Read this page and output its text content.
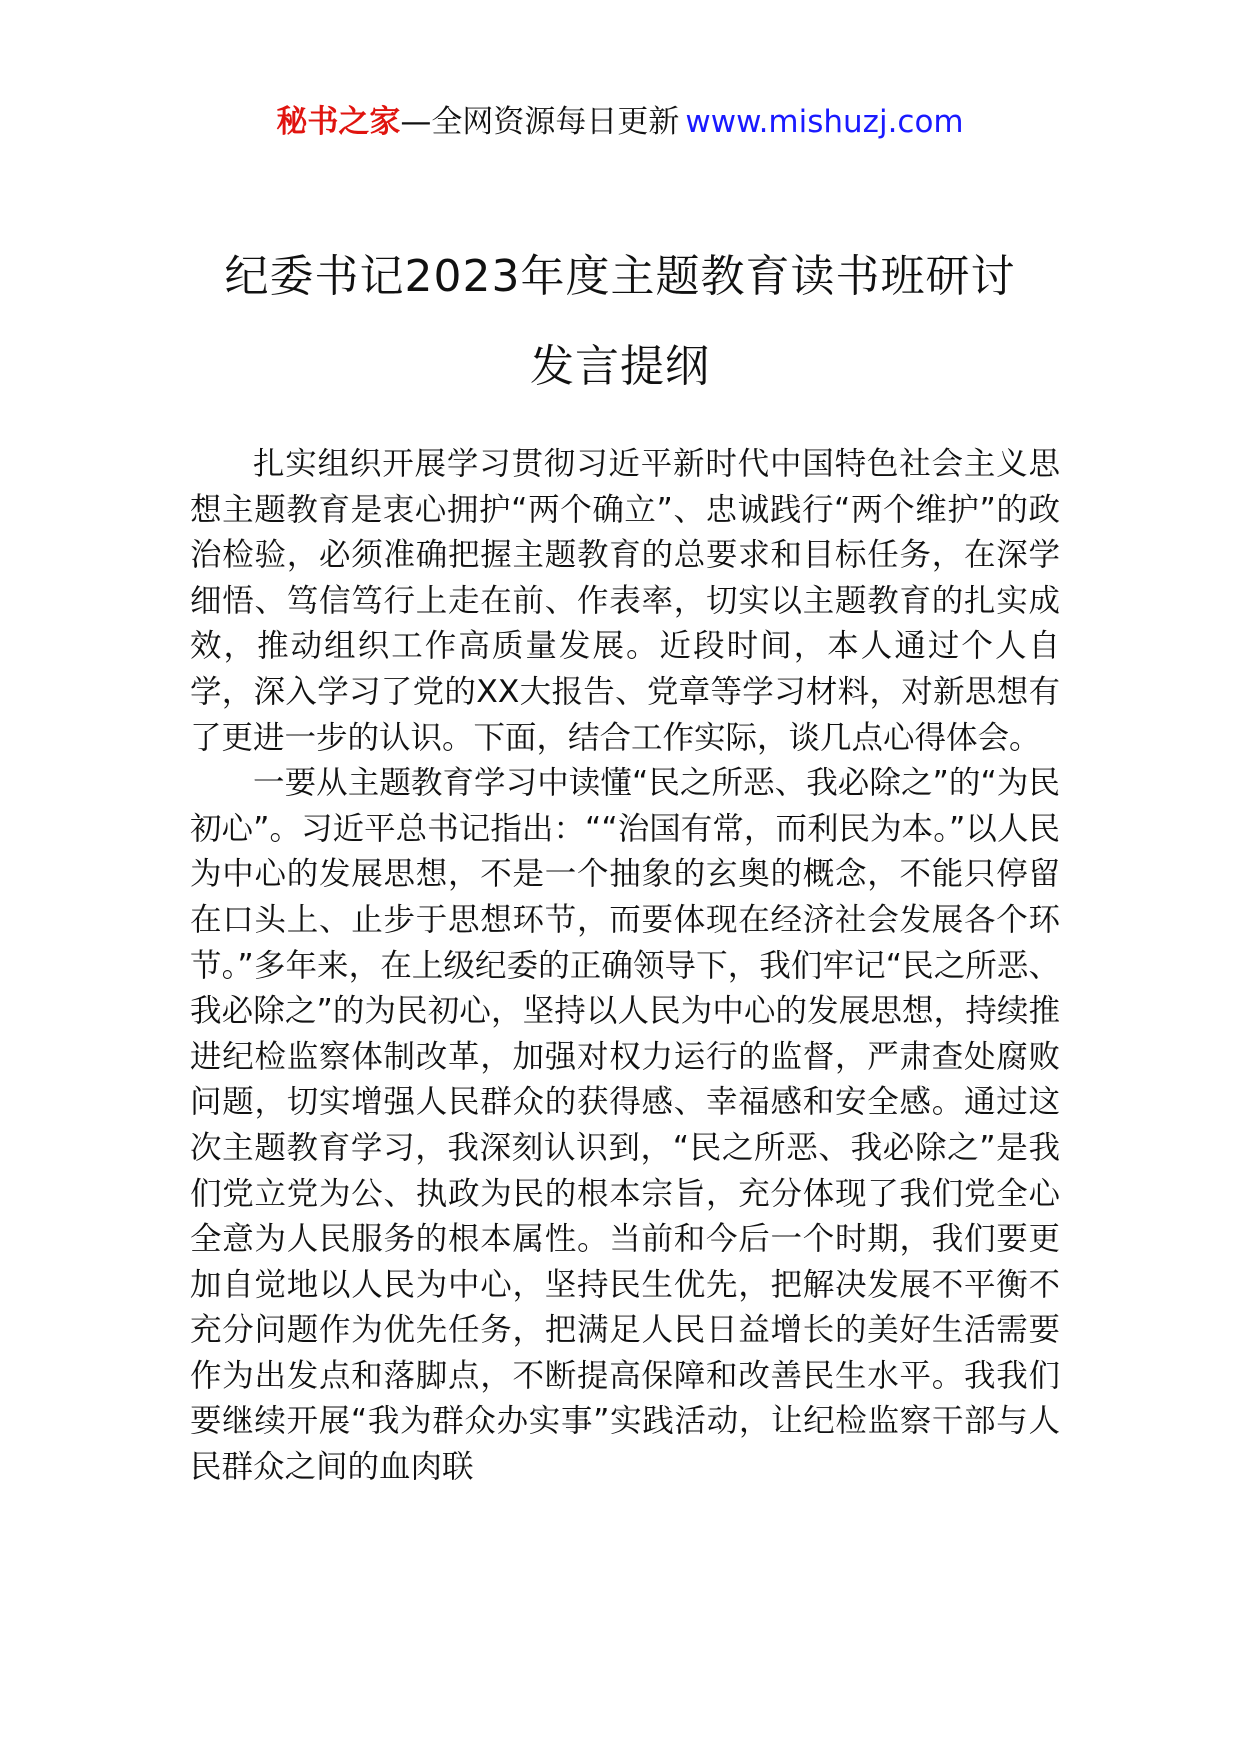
秘书之家—全网资源每日更新 www.mishuzj.com
纪委书记2023年度主题教育读书班研讨
发言提纲

扎实组织开展学习贯彻习近平新时代中国特色社会主义思想主题教育是衷心拥护“两个确立”、忠诚践行“两个维护”的政治检验，必须准确把握主题教育的总要求和目标任务，在深学细悟、笃信笃行上走在前、作表率，切实以主题教育的扎实成效，推动组织工作高质量发展。近段时间，本人通过个人自学，深入学习了党的XX大报告、党章等学习材料，对新思想有了更进一步的认识。下面，结合工作实际，谈几点心得体会。

一要从主题教育学习中读懂“民之所恶、我必除之”的“为民初心”。习近平总书记指出：““治国有常，而利民为本。”以人民为中心的发展思想，不是一个抽象的玄奥的概念，不能只停留在口头上、止步于思想环节，而要体现在经济社会发展各个环节。”多年来，在上级纪委的正确领导下，我们牢记“民之所恶、我必除之”的为民初心，坚持以人民为中心的发展思想，持续推进纪检监察体制改革，加强对权力运行的监督，严肃查处腐败问题，切实增强人民群众的获得感、幸福感和安全感。通过这次主题教育学习，我深刻认识到，“民之所恶、我必除之”是我们党立党为公、执政为民的根本宗旨，充分体现了我们党全心全意为人民服务的根本属性。当前和今后一个时期，我们要更加自觉地以人民为中心，坚持民生优先，把解决发展不平衡不充分问题作为优先任务，把满足人民日益增长的美好生活需要作为出发点和落脚点，不断提高保障和改善民生水平。我我们要继续开展“我为群众办实事”实践活动，让纪检监察干部与人民群众之间的血肉联
